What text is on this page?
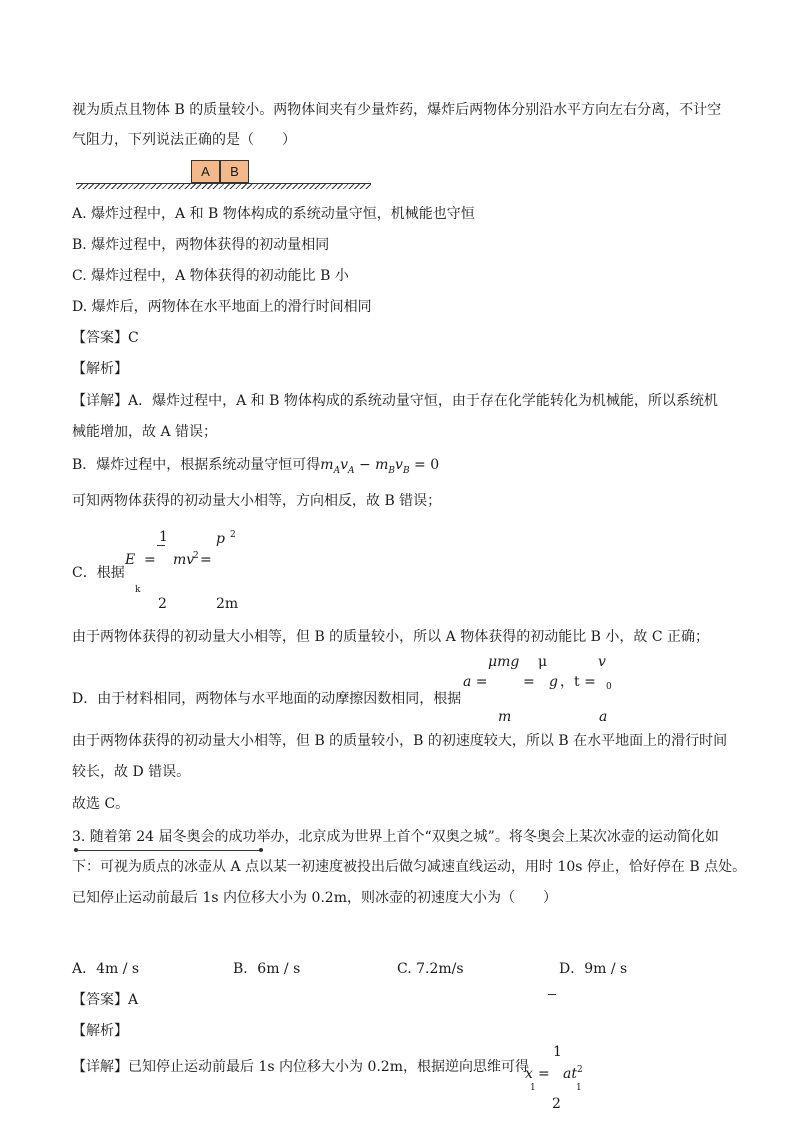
视为质点且物体 B 的质量较小。两物体间夹有少量炸药，爆炸后两物体分别沿水平方向左右分离，不计空
气阻力，下列说法正确的是（　　）
A	B
A. 爆炸过程中，A 和 B 物体构成的系统动量守恒，机械能也守恒
B. 爆炸过程中，两物体获得的初动量相同
C. 爆炸过程中，A 物体获得的初动能比 B 小
D. 爆炸后，两物体在水平地面上的滑行时间相同
【答案】C
【解析】
【详解】A．爆炸过程中，A 和 B 物体构成的系统动量守恒，由于存在化学能转化为机械能，所以系统机
械能增加，故 A 错误；
B．爆炸过程中，根据系统动量守恒可得$m_Av_A - m_Bv_B = 0$
可知两物体获得的初动量大小相等，方向相反，故 B 错误；
1
C．根据
E = mv
2 =
p 2
k
2	2m
由于两物体获得的初动量大小相等，但 B 的质量较小，所以 A 物体获得的初动能比 B 小，故 C 正确；
μmg μ	v
a =	= g ，t = 0
m	a
D．由于材料相同，两物体与水平地面的动摩擦因数相同，根据
由于两物体获得的初动量大小相等，但 B 的质量较小，B 的初速度较大，所以 B 在水平地面上的滑行时间
较长，故 D 错误。
故选 C。
3. 随着第 24 届冬奥会的成功举办，北京成为世界上首个“双奥之城”。将冬奥会上某次冰壶的运动简化如
下：可视为质点的冰壶从 A 点以某一初速度被投出后做匀减速直线运动，用时 10s 停止，恰好停在 B 点处。
已知停止运动前最后 1s 内位移大小为 0.2m，则冰壶的初速度大小为（　　）
A．4m / s	B．6m / s	C. 7.2m/s	D．9m / s
【答案】A
【解析】
【详解】已知停止运动前最后 1s 内位移大小为 0.2m，根据逆向思维可得
1
x = at 2
1	1
2
